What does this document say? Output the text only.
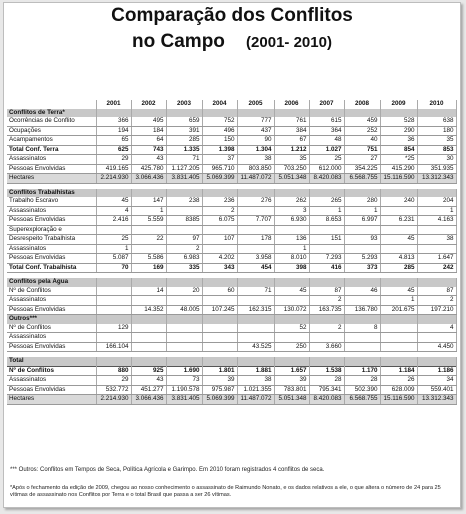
Comparação dos Conflitos
no Campo (2001- 2010)
	2001	2002	2003	2004	2005	2006	2007	2008	2009	2010
Conflitos de Terra*										
Ocorrências de Conflito	366	495	659	752	777	761	615	459	528	638
Ocupações	194	184	391	496	437	384	364	252	290	180
Acampamentos	65	64	285	150	90	67	48	40	36	35
Total Conf. Terra	625	743	1.335	1.398	1.304	1.212	1.027	751	854	853
Assassinatos	29	43	71	37	38	35	25	27	*25	30
Pessoas Envolvidas	419.165	425.780	1.127.205	965.710	803.850	703.250	612.000	354.225	415.290	351.935
Hectares	2.214.930	3.066.436	3.831.405	5.069.399	11.487.072	5.051.348	8.420.083	6.568.755	15.116.590	13.312.343

Conflitos Trabalhistas										
Trabalho Escravo	45	147	238	236	276	262	265	280	240	204
Assassinatos	4	1		2		3	1	1		1
Pessoas Envolvidas	2.416	5.559	8385	6.075	7.707	6.930	8.653	6.997	6.231	4.163
Superexploração e										
Desrespeito Trabalhista	25	22	97	107	178	136	151	93	45	38
Assassinatos	1		2			1				
Pessoas Envolvidas	5.087	5.586	6.983	4.202	3.958	8.010	7.293	5.293	4.813	1.647
Total Conf. Trabalhista	70	169	335	343	454	398	416	373	285	242

Conflitos pela Água										
Nº de Conflitos		14	20	60	71	45	87	46	45	87
Assassinatos							2		1	2
Pessoas Envolvidas		14.352	48.005	107.245	162.315	130.072	163.735	136.780	201.675	197.210
Outros***										
Nº de Conflitos	129					52	2	8		4
Assassinatos										
Pessoas Envolvidas	166.104				43.525	250	3.660			4.450

Total										
Nº de Conflitos	880	925	1.690	1.801	1.881	1.657	1.538	1.170	1.184	1.186
Assassinatos	29	43	73	39	38	39	28	28	26	34
Pessoas Envolvidas	532.772	451.277	1.190.578	975.987	1.021.355	783.801	795.341	502.390	628.009	559.401
Hectares	2.214.930	3.066.436	3.831.405	5.069.399	11.487.072	5.051.348	8.420.083	6.568.755	15.116.590	13.312.343
*** Outros: Conflitos em Tempos de Seca, Política Agrícola e Garimpo. Em 2010 foram registrados 4 conflitos de seca.
*Após o fechamento da edição de 2009, chegou ao nosso conhecimento o assassinato de Raimundo Nonato, e os dados relativos a ele, o que altera o número de 24 para 25 vítimas de assassinato nos Conflitos por Terra e o total Brasil que passa a ser 26 vítimas.
